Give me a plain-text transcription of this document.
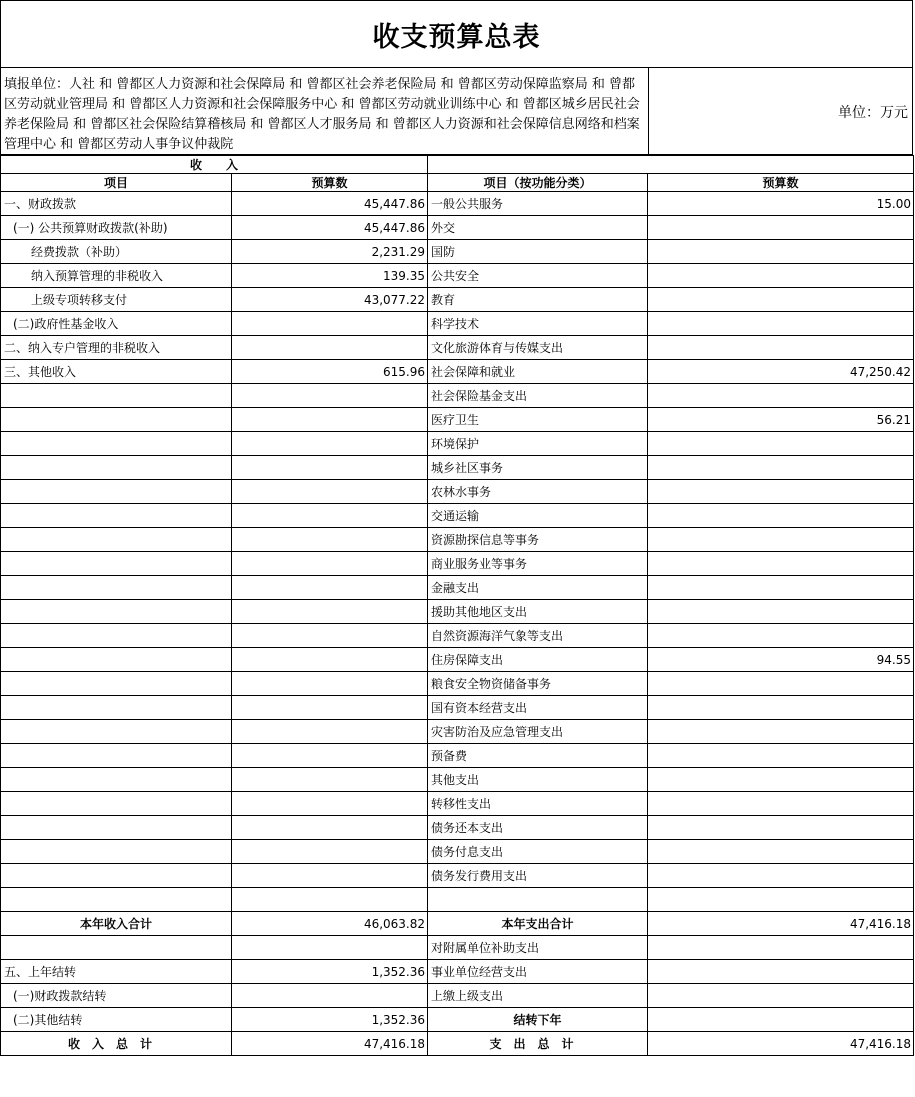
收支预算总表
填报单位：人社 和 曾都区人力资源和社会保障局 和 曾都区社会养老保险局 和 曾都区劳动保障监察局 和 曾都区劳动就业管理局 和 曾都区人力资源和社会保障服务中心 和 曾都区劳动就业训练中心 和 曾都区城乡居民社会养老保险局 和 曾都区社会保险结算稽核局 和 曾都区人才服务局 和 曾都区人力资源和社会保障信息网络和档案管理中心 和 曾都区劳动人事争议仲裁院
单位：万元
收　　入			
项目	预算数	项目（按功能分类）	预算数
一、财政拨款	45,447.86	一般公共服务	15.00
(一) 公共预算财政拨款(补助)	45,447.86	外交	
经费拨款（补助）	2,231.29	国防	
纳入预算管理的非税收入	139.35	公共安全	
上级专项转移支付	43,077.22	教育	
(二)政府性基金收入		科学技术	
二、纳入专户管理的非税收入		文化旅游体育与传媒支出	
三、其他收入	615.96	社会保障和就业	47,250.42
		社会保险基金支出	
		医疗卫生	56.21
		环境保护	
		城乡社区事务	
		农林水事务	
		交通运输	
		资源勘探信息等事务	
		商业服务业等事务	
		金融支出	
		援助其他地区支出	
		自然资源海洋气象等支出	
		住房保障支出	94.55
		粮食安全物资储备事务	
		国有资本经营支出	
		灾害防治及应急管理支出	
		预备费	
		其他支出	
		转移性支出	
		债务还本支出	
		债务付息支出	
		债务发行费用支出	

本年收入合计	46,063.82	本年支出合计	47,416.18
		对附属单位补助支出	
五、上年结转	1,352.36	事业单位经营支出	
(一)财政拨款结转		上缴上级支出	
(二)其他结转	1,352.36	结转下年	
收入总计	47,416.18	支出总计	47,416.18
